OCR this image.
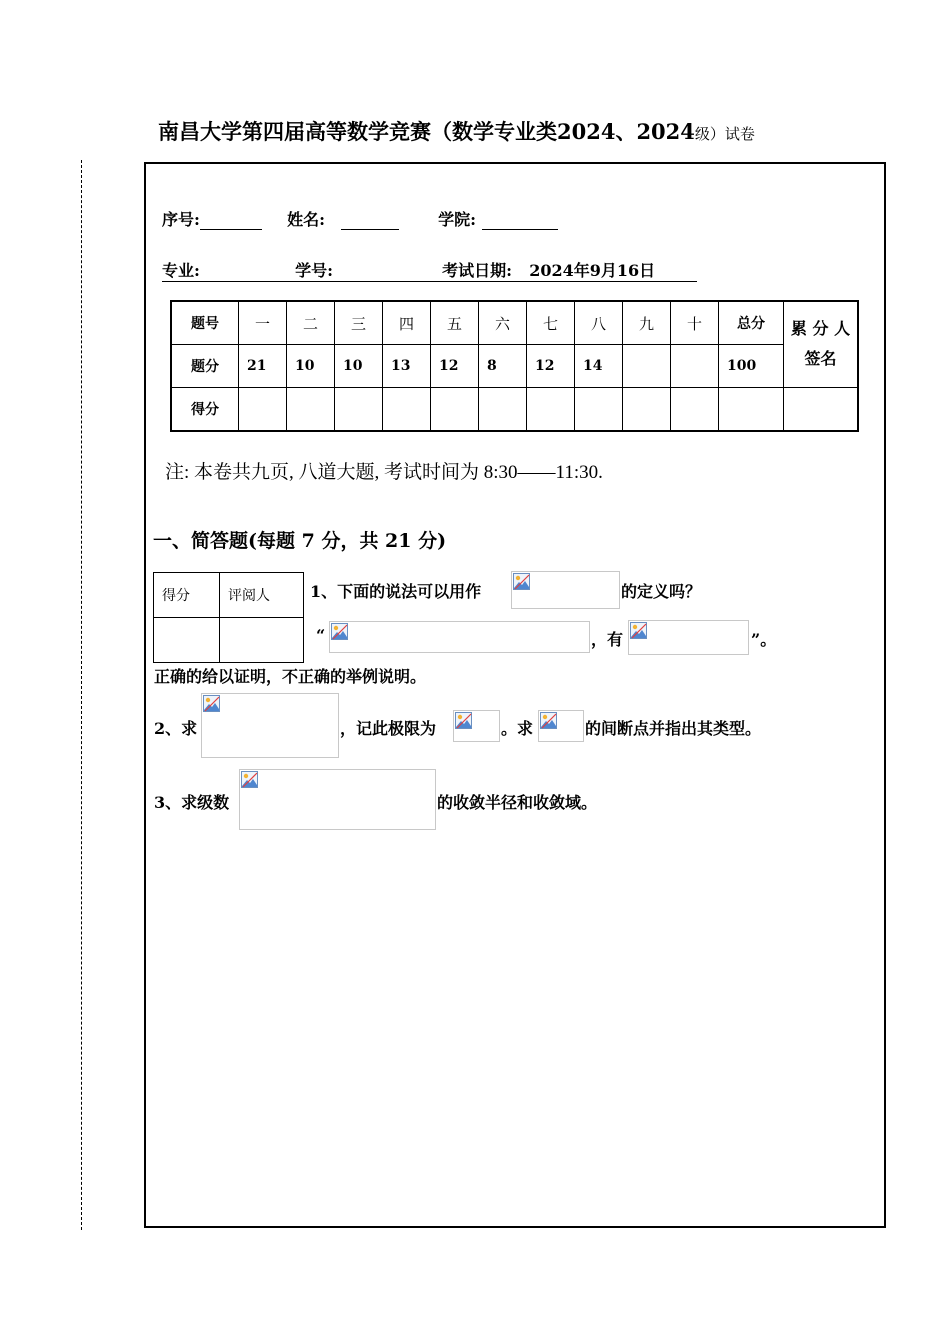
南昌大学第四届高等数学竞赛（数学专业类2024、2024级）试卷
序号:	姓名:	学院:
专业:	学号:	考试日期: 2024年9月16日
题号	一	二	三	四	五	六	七	八	九	十	总分	累 分 人
签名

题分	21	10	10	13	12	8	12	14			100	
得分												
注: 本卷共九页, 八道大题, 考试时间为 8:30——11:30.
一、简答题(每题 7 分，共 21 分)
得分	评阅人
		1、下面的说法可以用作	的定义吗？
“	，有	”。
正确的给以证明，不正确的举例说明。
2、求	，记此极限为	。求	的间断点并指出其类型。
3、求级数	的收敛半径和收敛域。
